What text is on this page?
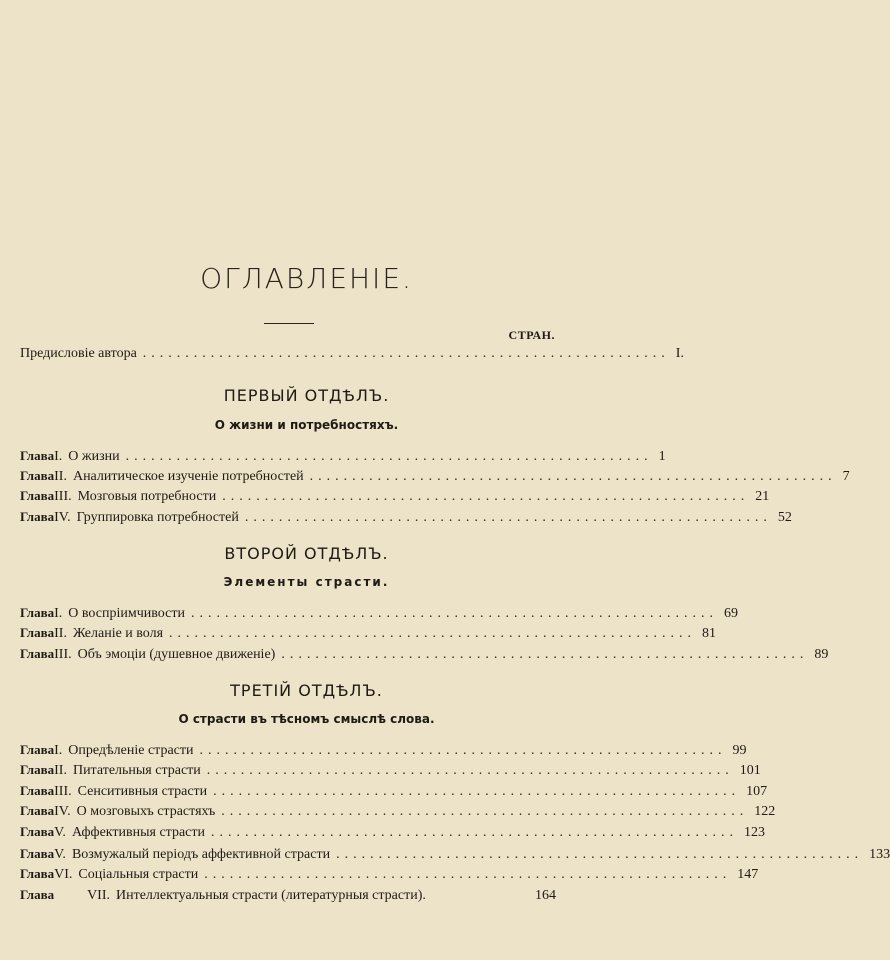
ОГЛАВЛЕНІЕ.
СТРАН.
Предисловіе автора .............................................................. I.
ПЕРВЫЙ ОТДѢЛЪ.
О жизни и потребностяхъ.
Глава I. О жизни .............................................................. 1
Глава II. Аналитическое изученіе потребностей .............................................................. 7
Глава III. Мозговыя потребности .............................................................. 21
Глава IV. Группировка потребностей .............................................................. 52
ВТОРОЙ ОТДѢЛЪ.
Элементы страсти.
Глава I. О воспріимчивости .............................................................. 69
Глава II. Желаніе и воля .............................................................. 81
Глава III. Объ эмоціи (душевное движеніе) .............................................................. 89
ТРЕТІЙ ОТДѢЛЪ.
О страсти въ тѣсномъ смыслѣ слова.
Глава I. Опредѣленіе страсти .............................................................. 99
Глава II. Питательныя страсти .............................................................. 101
Глава III. Сенситивныя страсти .............................................................. 107
Глава IV. О мозговыхъ страстяхъ .............................................................. 122
Глава V. Аффективныя страсти .............................................................. 123
Глава V. Возмужалый періодъ аффективной страсти .............................................................. 133
Глава VI. Соціальныя страсти .............................................................. 147
Глава	VII. Интеллектуальныя страсти (литературныя страсти).	164
